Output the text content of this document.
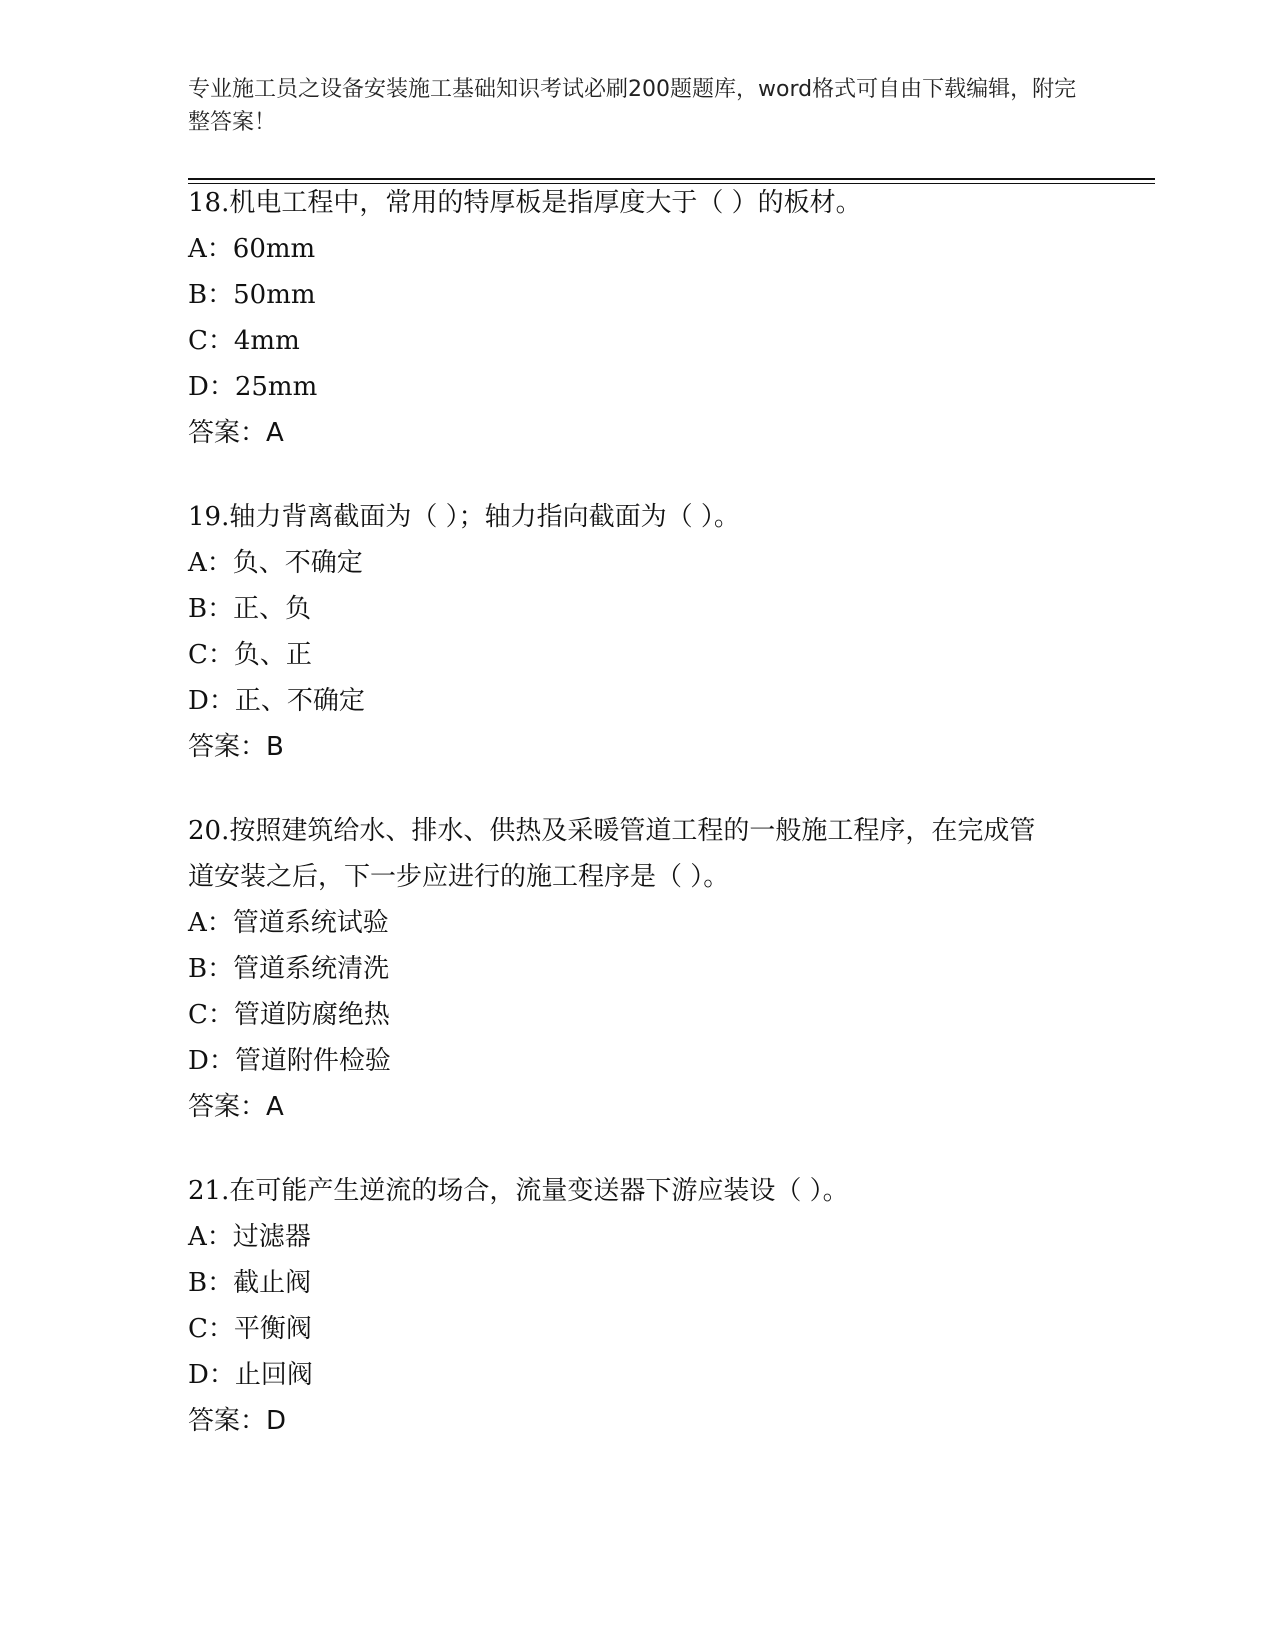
专业施工员之设备安装施工基础知识考试必刷200题题库，word格式可自由下载编辑，附完整答案！
18.机电工程中，常用的特厚板是指厚度大于（ ）的板材。
A：60mm
B：50mm
C：4mm
D：25mm
答案：A
19.轴力背离截面为（ ）；轴力指向截面为（ ）。
A：负、不确定
B：正、负
C：负、正
D：正、不确定
答案：B
20.按照建筑给水、排水、供热及采暖管道工程的一般施工程序，在完成管道安装之后，下一步应进行的施工程序是（ ）。
A：管道系统试验
B：管道系统清洗
C：管道防腐绝热
D：管道附件检验
答案：A
21.在可能产生逆流的场合，流量变送器下游应装设（ ）。
A：过滤器
B：截止阀
C：平衡阀
D：止回阀
答案：D
